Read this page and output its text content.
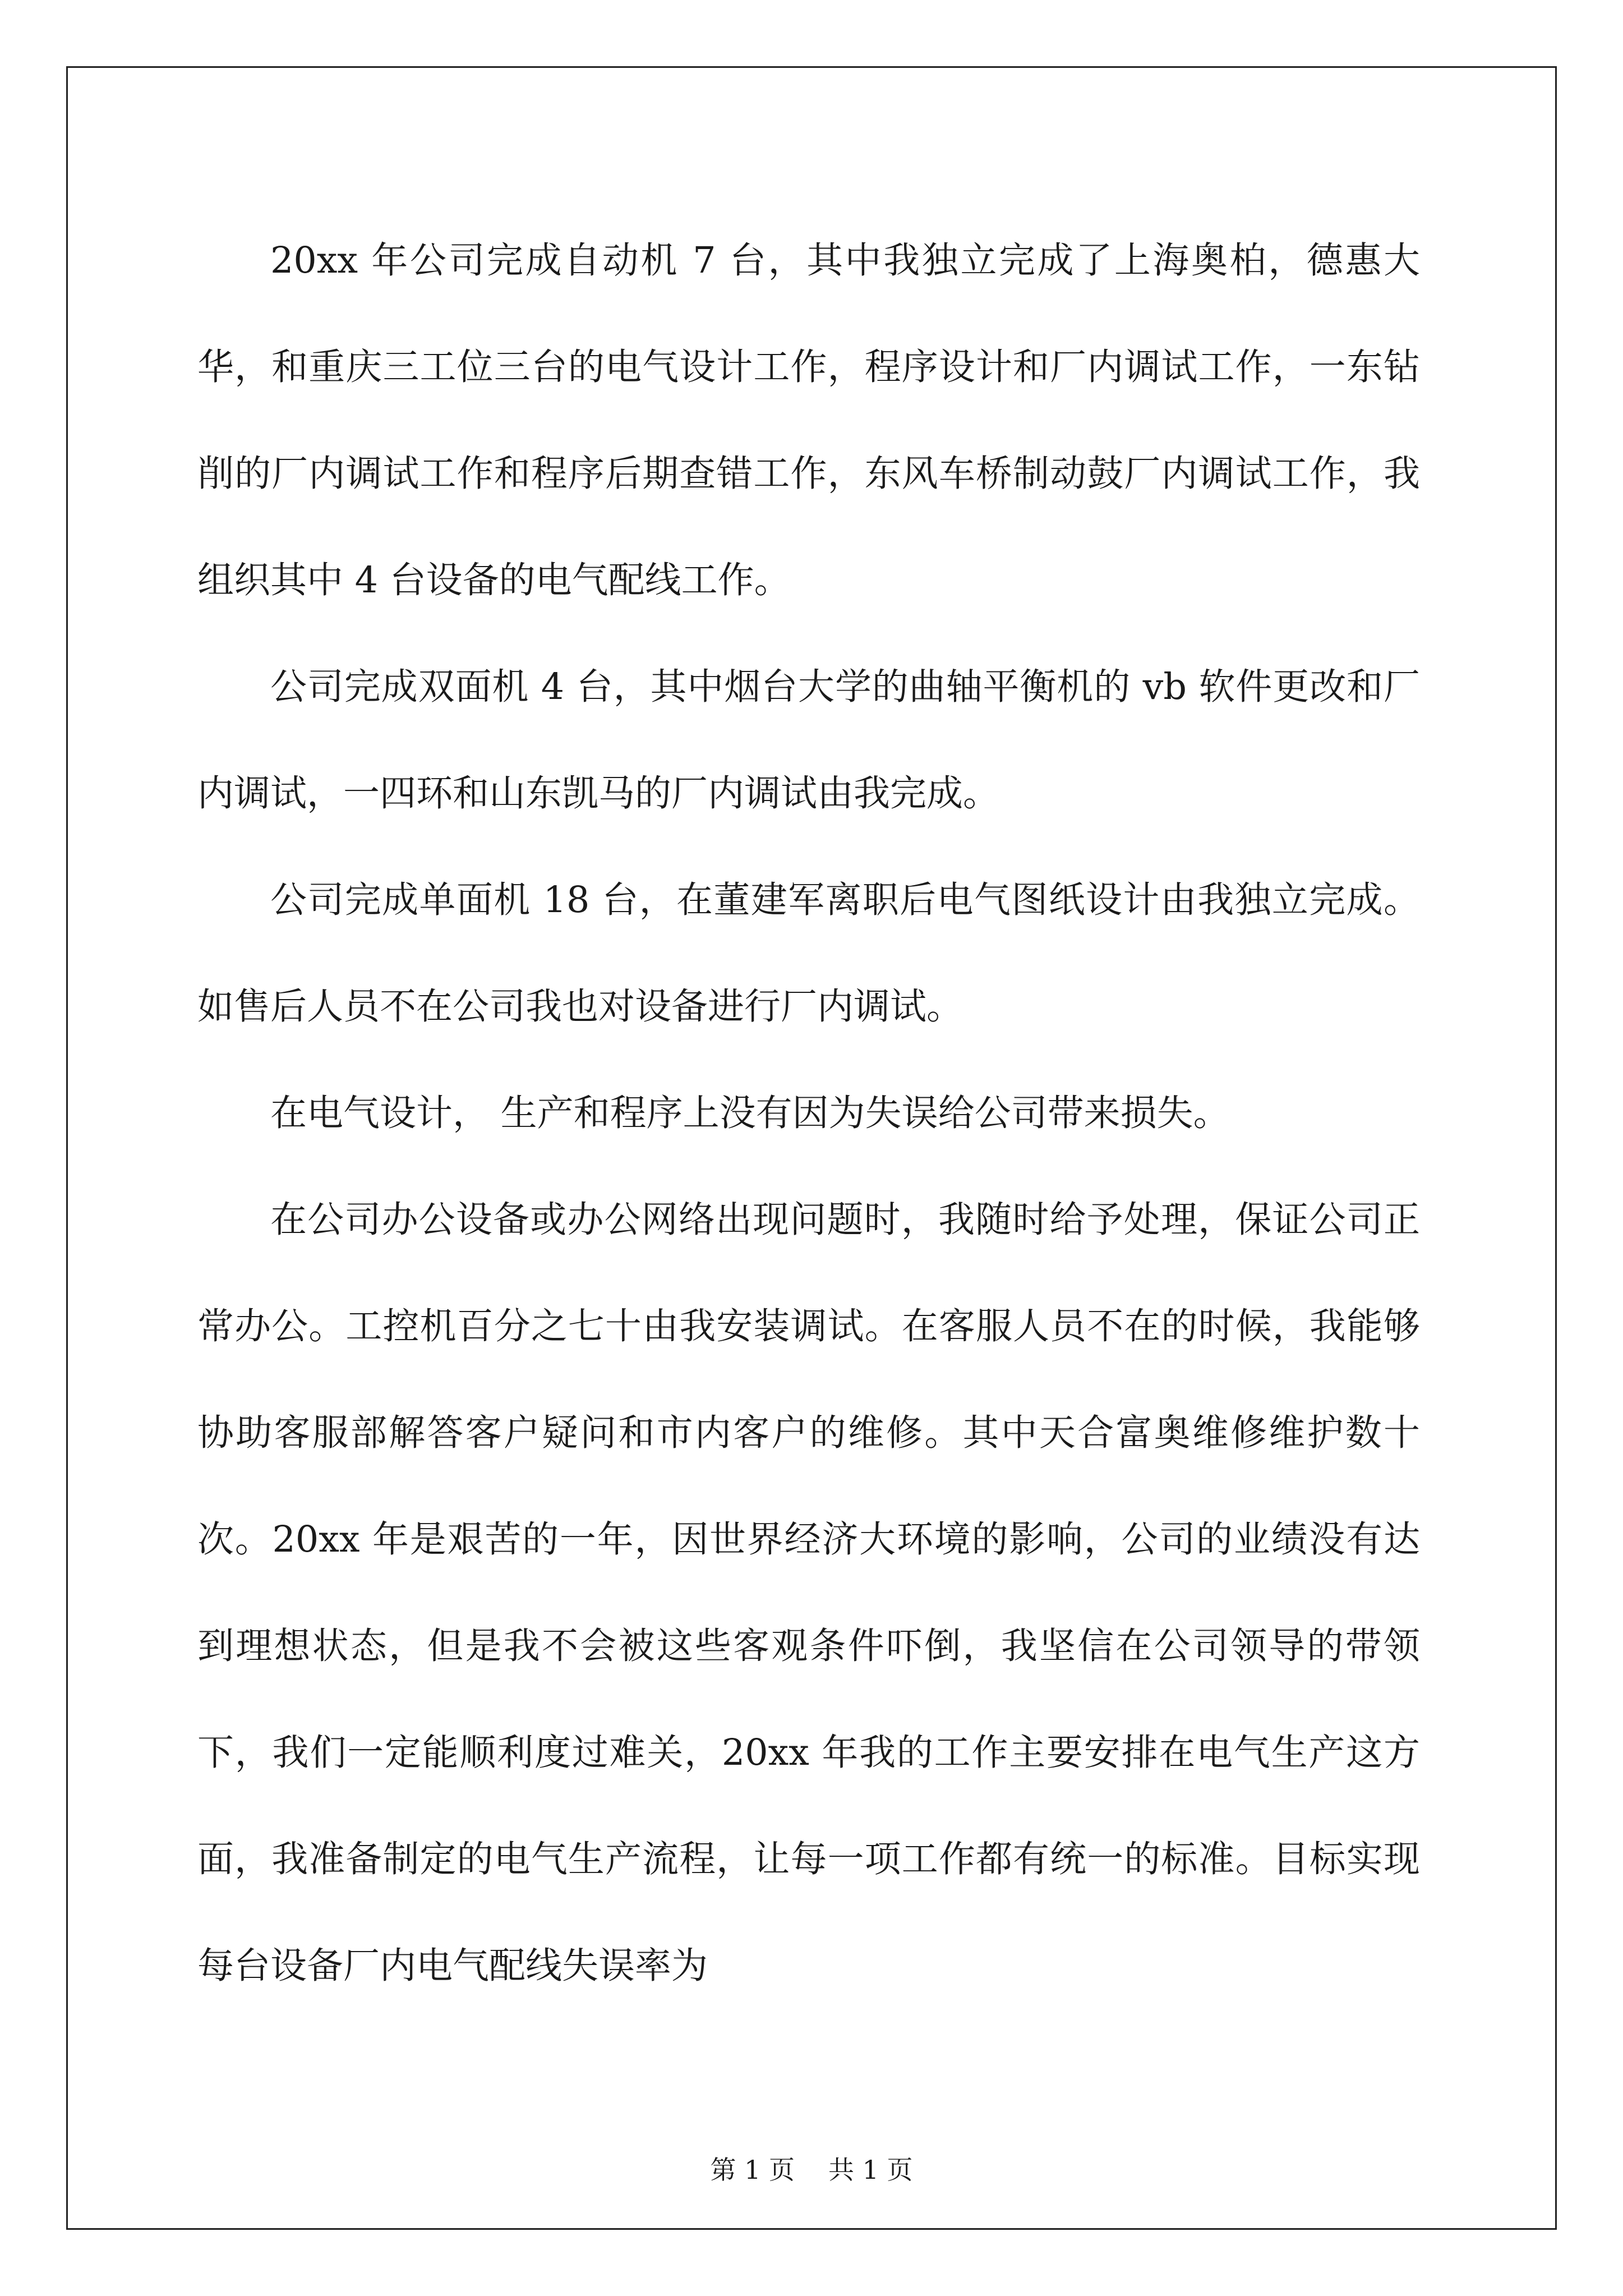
20xx 年公司完成自动机 7 台，其中我独立完成了上海奥柏，德惠大华，和重庆三工位三台的电气设计工作，程序设计和厂内调试工作，一东钻削的厂内调试工作和程序后期查错工作，东风车桥制动鼓厂内调试工作，我组织其中 4 台设备的电气配线工作。

公司完成双面机 4 台，其中烟台大学的曲轴平衡机的 vb 软件更改和厂内调试，一四环和山东凯马的厂内调试由我完成。

公司完成单面机 18 台，在董建军离职后电气图纸设计由我独立完成。如售后人员不在公司我也对设备进行厂内调试。

在电气设计， 生产和程序上没有因为失误给公司带来损失。

在公司办公设备或办公网络出现问题时，我随时给予处理，保证公司正常办公。工控机百分之七十由我安装调试。在客服人员不在的时候，我能够协助客服部解答客户疑问和市内客户的维修。其中天合富奥维修维护数十次。20xx 年是艰苦的一年，因世界经济大环境的影响，公司的业绩没有达到理想状态，但是我不会被这些客观条件吓倒，我坚信在公司领导的带领下，我们一定能顺利度过难关，20xx 年我的工作主要安排在电气生产这方面，我准备制定的电气生产流程，让每一项工作都有统一的标准。目标实现每台设备厂内电气配线失误率为

第 1 页 共 1 页
